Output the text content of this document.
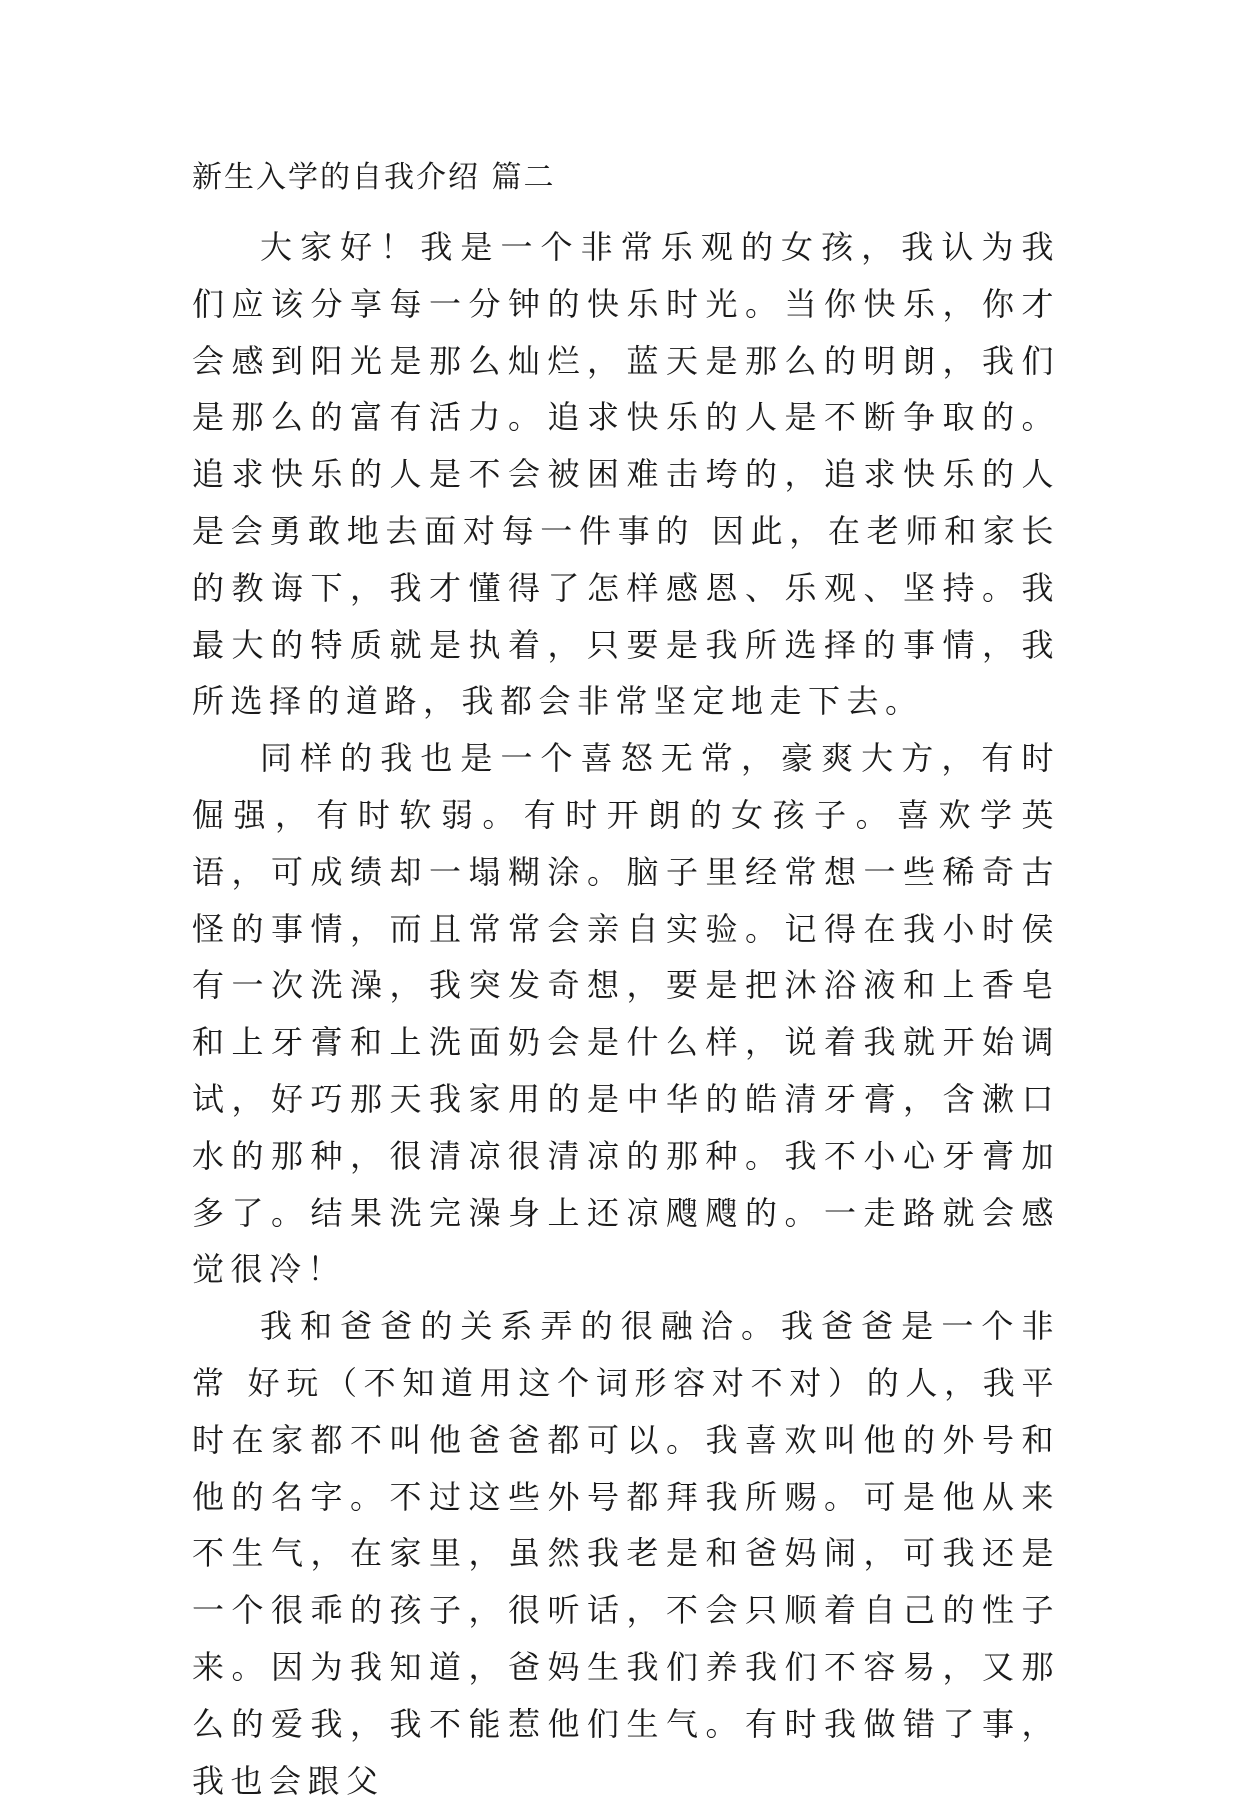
新生入学的自我介绍 篇二

大家好！我是一个非常乐观的女孩，我认为我们应该分享每一分钟的快乐时光。当你快乐，你才会感到阳光是那么灿烂，蓝天是那么的明朗，我们是那么的富有活力。追求快乐的人是不断争取的。追求快乐的人是不会被困难击垮的，追求快乐的人是会勇敢地去面对每一件事的 因此，在老师和家长的教诲下，我才懂得了怎样感恩、乐观、坚持。我最大的特质就是执着，只要是我所选择的事情，我所选择的道路，我都会非常坚定地走下去。

同样的我也是一个喜怒无常，豪爽大方，有时倔强，有时软弱。有时开朗的女孩子。喜欢学英语，可成绩却一塌糊涂。脑子里经常想一些稀奇古怪的事情，而且常常会亲自实验。记得在我小时侯有一次洗澡，我突发奇想，要是把沐浴液和上香皂和上牙膏和上洗面奶会是什么样，说着我就开始调试，好巧那天我家用的是中华的皓清牙膏，含漱口水的那种，很清凉很清凉的那种。我不小心牙膏加多了。结果洗完澡身上还凉飕飕的。一走路就会感觉很冷！

我和爸爸的关系弄的很融洽。我爸爸是一个非常 好玩（不知道用这个词形容对不对）的人，我平时在家都不叫他爸爸都可以。我喜欢叫他的外号和他的名字。不过这些外号都拜我所赐。可是他从来不生气，在家里，虽然我老是和爸妈闹，可我还是一个很乖的孩子，很听话，不会只顺着自己的性子来。因为我知道，爸妈生我们养我们不容易，又那么的爱我，我不能惹他们生气。有时我做错了事，我也会跟父
